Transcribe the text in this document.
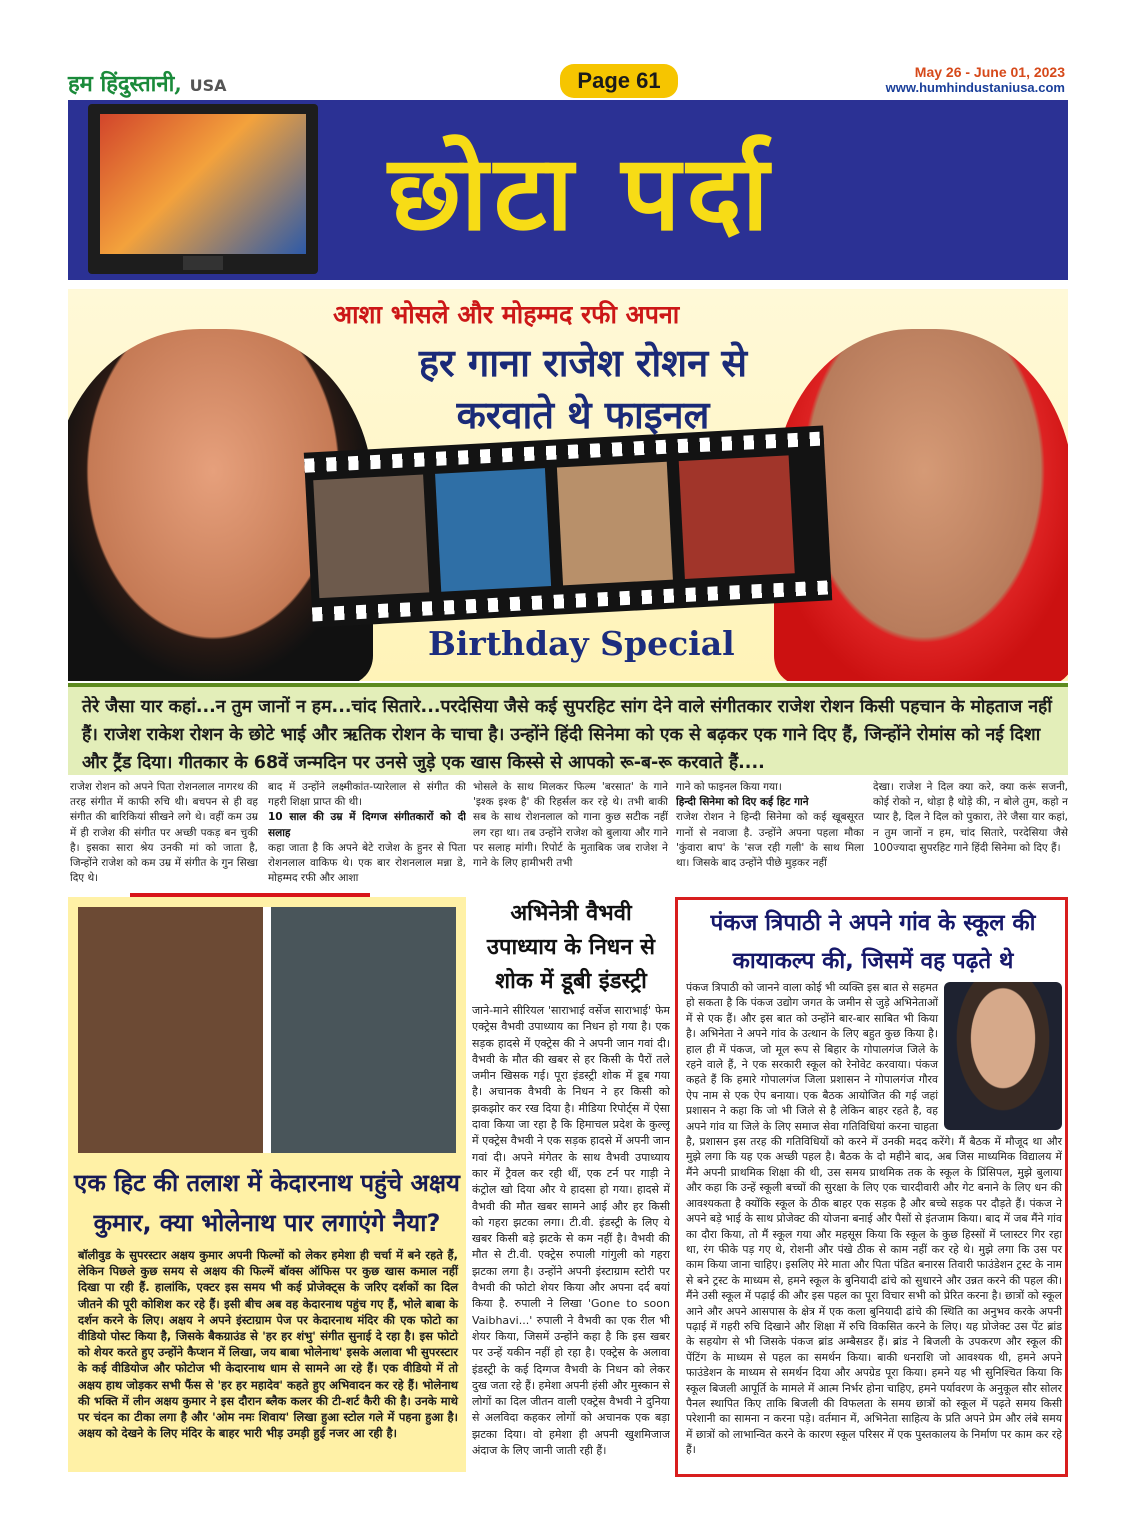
हम हिंदुस्तानी, USA	Page 61	May 26 - June 01, 2023
www.humhindustaniusa.com
छोटा पर्दा
आशा भोसले और मोहम्मद रफी अपना
हर गाना राजेश रोशन से
करवाते थे फाइनल
Birthday Special
तेरे जैसा यार कहां...न तुम जानों न हम...चांद सितारे...परदेसिया जैसे कई सुपरहिट सांग देने वाले संगीतकार राजेश रोशन किसी पहचान के मोहताज नहीं हैं। राजेश राकेश रोशन के छोटे भाई और ऋतिक रोशन के चाचा है। उन्होंने हिंदी सिनेमा को एक से बढ़कर एक गाने दिए हैं, जिन्होंने रोमांस को नई दिशा और ट्रैंड दिया। गीतकार के 68वें जन्मदिन पर उनसे जुड़े एक खास किस्से से आपको रू-ब-रू करवाते हैं....
राजेश रोशन को अपने पिता रोशनलाल नागरथ की तरह संगीत में काफी रुचि थी। बचपन से ही वह संगीत की बारिकियां सीखने लगे थे। वहीं कम उम्र में ही राजेश की संगीत पर अच्छी पकड़ बन चुकी है। इसका सारा श्रेय उनकी मां को जाता है, जिन्होंने राजेश को कम उम्र में संगीत के गुन सिखा दिए थे।
बाद में उन्होंने लक्ष्मीकांत-प्यारेलाल से संगीत की गहरी शिक्षा प्राप्त की थी।
10 साल की उम्र में दिग्गज संगीतकारों को दी सलाह
कहा जाता है कि अपने बेटे राजेश के हुनर से पिता रोशनलाल वाकिफ थे। एक बार रोशनलाल मन्ना डे, मोहम्मद रफी और आशा
भोसले के साथ मिलकर फिल्म 'बरसात' के गाने 'इश्क इश्क है' की रिहर्सल कर रहे थे। तभी बाकी सब के साथ रोशनलाल को गाना कुछ सटीक नहीं लग रहा था। तब उन्होंने राजेश को बुलाया और गाने पर सलाह मांगी। रिपोर्ट के मुताबिक जब राजेश ने गाने के लिए हामीभरी तभी
गाने को फाइनल किया गया।
हिन्दी सिनेमा को दिए कई हिट गाने
राजेश रोशन ने हिन्दी सिनेमा को कई खूबसूरत गानों से नवाजा है. उन्होंने अपना पहला मौका 'कुंवारा बाप' के 'सज रही गली' के साथ मिला था। जिसके बाद उन्होंने पीछे मुड़कर नहीं
देखा। राजेश ने दिल क्या करे, क्या करूं सजनी, कोई रोको न, थोड़ा है थोड़े की, न बोले तुम, कहो न प्यार है, दिल ने दिल को पुकारा, तेरे जैसा यार कहां, न तुम जानों न हम, चांद सितारे, परदेसिया जैसे 100ज्यादा सुपरहिट गाने हिंदी सिनेमा को दिए हैं।
एक हिट की तलाश में केदारनाथ पहुंचे अक्षय कुमार, क्या भोलेनाथ पार लगाएंगे नैया?
बॉलीवुड के सुपरस्टार अक्षय कुमार अपनी फिल्मों को लेकर हमेशा ही चर्चा में बने रहते हैं, लेकिन पिछले कुछ समय से अक्षय की फिल्में बॉक्स ऑफिस पर कुछ खास कमाल नहीं दिखा पा रही हैं. हालांकि, एक्टर इस समय भी कई प्रोजेक्ट्स के जरिए दर्शकों का दिल जीतने की पूरी कोशिश कर रहे हैं। इसी बीच अब वह केदारनाथ पहुंच गए हैं, भोले बाबा के दर्शन करने के लिए। अक्षय ने अपने इंस्टाग्राम पेज पर केदारनाथ मंदिर की एक फोटो का वीडियो पोस्ट किया है, जिसके बैकग्राउंड से 'हर हर शंभु' संगीत सुनाई दे रहा है। इस फोटो को शेयर करते हुए उन्होंने कैप्शन में लिखा, जय बाबा भोलेनाथ' इसके अलावा भी सुपरस्टार के कई वीडियोज और फोटोज भी केदारनाथ धाम से सामने आ रहे हैं। एक वीडियो में तो अक्षय हाथ जोड़कर सभी फैंस से 'हर हर महादेव' कहते हुए अभिवादन कर रहे हैं। भोलेनाथ की भक्ति में लीन अक्षय कुमार ने इस दौरान ब्लैक कलर की टी-शर्ट कैरी की है। उनके माथे पर चंदन का टीका लगा है और 'ओम नमः शिवाय' लिखा हुआ स्टोल गले में पहना हुआ है। अक्षय को देखने के लिए मंदिर के बाहर भारी भीड़ उमड़ी हुई नजर आ रही है।
अभिनेत्री वैभवी उपाध्याय के निधन से शोक में डूबी इंडस्ट्री
जाने-माने सीरियल 'साराभाई वर्सेज साराभाई' फेम एक्ट्रेस वैभवी उपाध्याय का निधन हो गया है। एक सड़क हादसे में एक्ट्रेस की ने अपनी जान गवां दी। वैभवी के मौत की खबर से हर किसी के पैरों तले जमीन खिसक गई। पूरा इंडस्ट्री शोक में डूब गया है। अचानक वैभवी के निधन ने हर किसी को झकझोर कर रख दिया है। मीडिया रिपोर्ट्स में ऐसा दावा किया जा रहा है कि हिमाचल प्रदेश के कुल्लू में एक्ट्रेस वैभवी ने एक सड़क हादसे में अपनी जान गवां दी। अपने मंगेतर के साथ वैभवी उपाध्याय कार में ट्रैवल कर रही थीं, एक टर्न पर गाड़ी ने कंट्रोल खो दिया और ये हादसा हो गया। हादसे में वैभवी की मौत खबर सामने आई और हर किसी को गहरा झटका लगा। टी.वी. इंडस्ट्री के लिए ये खबर किसी बड़े झटके से कम नहीं है। वैभवी की मौत से टी.वी. एक्ट्रेस रुपाली गांगुली को गहरा झटका लगा है। उन्होंने अपनी इंस्टाग्राम स्टोरी पर वैभवी की फोटो शेयर किया और अपना दर्द बयां किया है. रुपाली ने लिखा 'Gone to soon Vaibhavi...' रुपाली ने वैभवी का एक रील भी शेयर किया, जिसमें उन्होंने कहा है कि इस खबर पर उन्हें यकीन नहीं हो रहा है। एक्ट्रेस के अलावा इंडस्ट्री के कई दिग्गज वैभवी के निधन को लेकर दुख जता रहे हैं। हमेशा अपनी हंसी और मुस्कान से लोगों का दिल जीतन वाली एक्ट्रेस वैभवी ने दुनिया से अलविदा कहकर लोगों को अचानक एक बड़ा झटका दिया। वो हमेशा ही अपनी खुशमिजाज अंदाज के लिए जानी जाती रही हैं।
पंकज त्रिपाठी ने अपने गांव के स्कूल की कायाकल्प की, जिसमें वह पढ़ते थे
पंकज त्रिपाठी को जानने वाला कोई भी व्यक्ति इस बात से सहमत हो सकता है कि पंकज उद्योग जगत के जमीन से जुड़े अभिनेताओं में से एक हैं। और इस बात को उन्होंने बार-बार साबित भी किया है। अभिनेता ने अपने गांव के उत्थान के लिए बहुत कुछ किया है। हाल ही में पंकज, जो मूल रूप से बिहार के गोपालगंज जिले के रहने वाले हैं, ने एक सरकारी स्कूल को रेनोवेट करवाया। पंकज कहते हैं कि हमारे गोपालगंज जिला प्रशासन ने गोपालगंज गौरव ऐप नाम से एक ऐप बनाया। एक बैठक आयोजित की गई जहां प्रशासन ने कहा कि जो भी जिले से है लेकिन बाहर रहते है, वह अपने गांव या जिले के लिए समाज सेवा गतिविधियां करना चाहता है, प्रशासन इस तरह की गतिविधियों को करने में उनकी मदद करेंगे। मैं बैठक में मौजूद था और मुझे लगा कि यह एक अच्छी पहल है। बैठक के दो महीने बाद, अब जिस माध्यमिक विद्यालय में मैंने अपनी प्राथमिक शिक्षा की थी, उस समय प्राथमिक तक के स्कूल के प्रिंसिपल, मुझे बुलाया और कहा कि उन्हें स्कूली बच्चों की सुरक्षा के लिए एक चारदीवारी और गेट बनाने के लिए धन की आवश्यकता है क्योंकि स्कूल के ठीक बाहर एक सड़क है और बच्चे सड़क पर दौड़ते हैं। पंकज ने अपने बड़े भाई के साथ प्रोजेक्ट की योजना बनाई और पैसों से इंतजाम किया। बाद में जब मैंने गांव का दौरा किया, तो मैं स्कूल गया और महसूस किया कि स्कूल के कुछ हिस्सों में प्लास्टर गिर रहा था, रंग फीके पड़ गए थे, रोशनी और पंखे ठीक से काम नहीं कर रहे थे। मुझे लगा कि उस पर काम किया जाना चाहिए। इसलिए मेरे माता और पिता पंडित बनारस तिवारी फाउंडेशन ट्रस्ट के नाम से बने ट्रस्ट के माध्यम से, हमने स्कूल के बुनियादी ढांचे को सुधारने और उन्नत करने की पहल की। मैंने उसी स्कूल में पढ़ाई की और इस पहल का पूरा विचार सभी को प्रेरित करना है। छात्रों को स्कूल आने और अपने आसपास के क्षेत्र में एक कला बुनियादी ढांचे की स्थिति का अनुभव करके अपनी पढ़ाई में गहरी रुचि दिखाने और शिक्षा में रुचि विकसित करने के लिए। यह प्रोजेक्ट उस पेंट ब्रांड के सहयोग से भी जिसके पंकज ब्रांड अम्बैसडर हैं। ब्रांड ने बिजली के उपकरण और स्कूल की पेंटिंग के माध्यम से पहल का समर्थन किया। बाकी धनराशि जो आवश्यक थी, हमने अपने फाउंडेशन के माध्यम से समर्थन दिया और अपग्रेड पूरा किया। हमने यह भी सुनिश्चित किया कि स्कूल बिजली आपूर्ति के मामले में आत्म निर्भर होना चाहिए, हमने पर्यावरण के अनुकूल सौर सोलर पैनल स्थापित किए ताकि बिजली की विफलता के समय छात्रों को स्कूल में पढ़ते समय किसी परेशानी का सामना न करना पड़े। वर्तमान में, अभिनेता साहित्य के प्रति अपने प्रेम और लंबे समय में छात्रों को लाभान्वित करने के कारण स्कूल परिसर में एक पुस्तकालय के निर्माण पर काम कर रहे हैं।
